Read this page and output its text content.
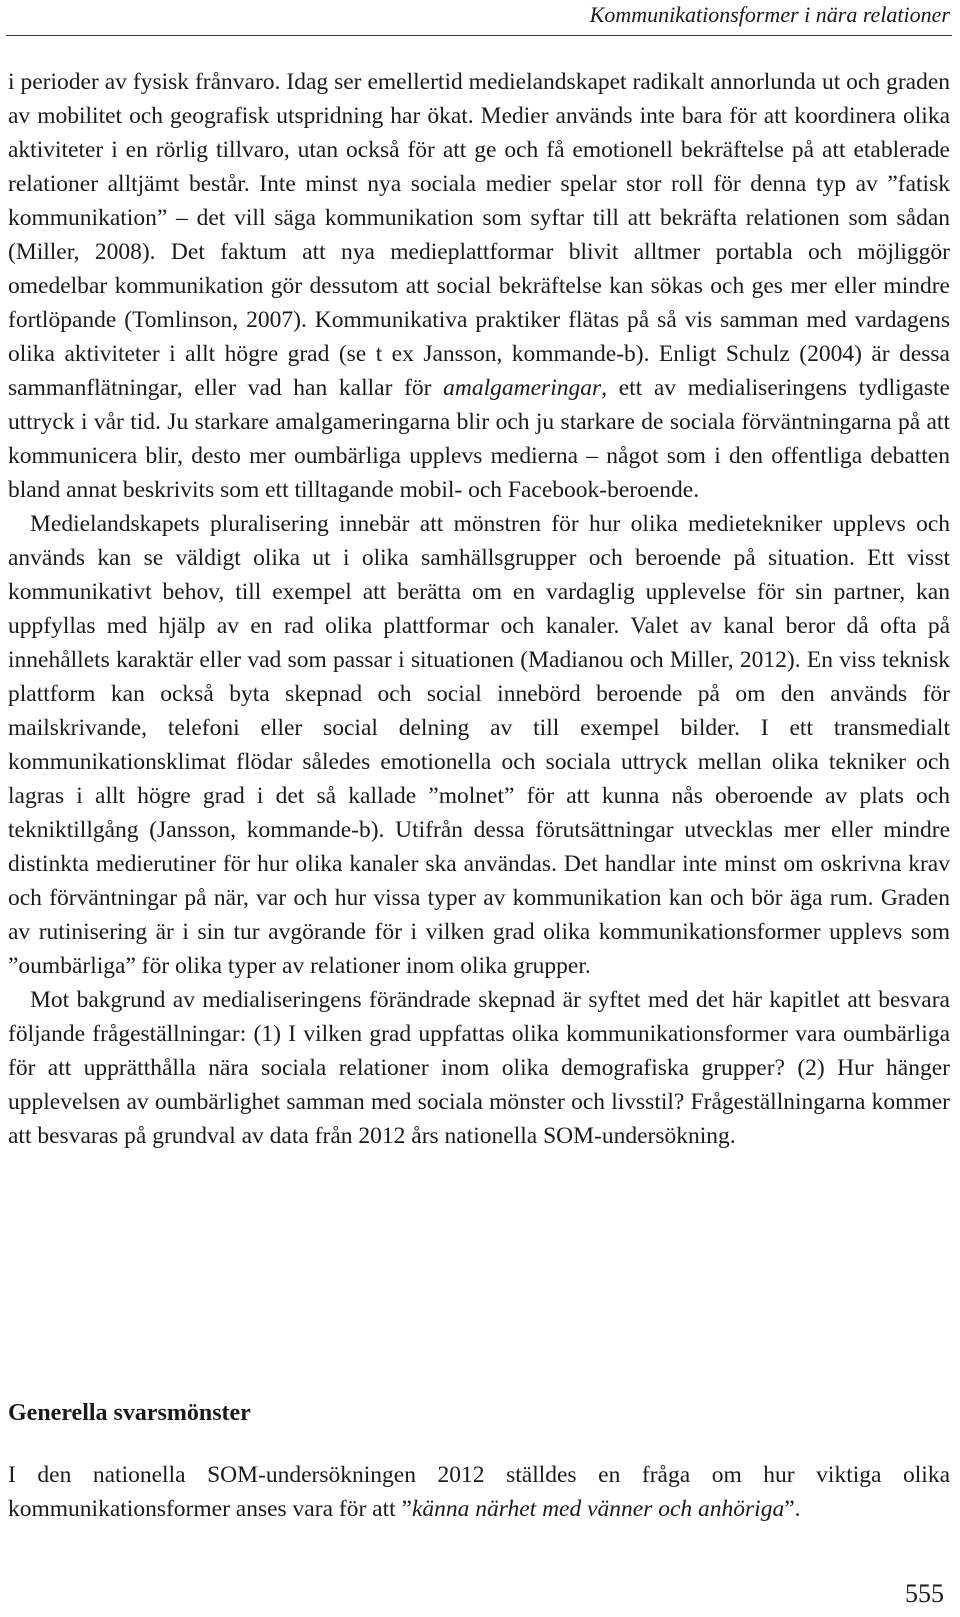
Kommunikationsformer i nära relationer

i perioder av fysisk frånvaro. Idag ser emellertid medielandskapet radikalt annorlunda ut och graden av mobilitet och geografisk utspridning har ökat. Medier används inte bara för att koordinera olika aktiviteter i en rörlig tillvaro, utan också för att ge och få emotionell bekräftelse på att etablerade relationer alltjämt består. Inte minst nya sociala medier spelar stor roll för denna typ av ”fatisk kommunikation” – det vill säga kommunikation som syftar till att bekräfta relationen som sådan (Miller, 2008). Det faktum att nya medieplattformar blivit alltmer portabla och möjliggör omedelbar kommunikation gör dessutom att social bekräftelse kan sökas och ges mer eller mindre fortlöpande (Tomlinson, 2007). Kommunikativa praktiker flätas på så vis samman med vardagens olika aktiviteter i allt högre grad (se t ex Jansson, kommande-b). Enligt Schulz (2004) är dessa sammanflätningar, eller vad han kallar för amalgameringar, ett av medialiseringens tydligaste uttryck i vår tid. Ju starkare amalgameringarna blir och ju starkare de sociala förväntningarna på att kommunicera blir, desto mer oumbärliga upplevs medierna – något som i den offentliga debatten bland annat beskrivits som ett tilltagande mobil- och Facebook-beroende.

Medielandskapets pluralisering innebär att mönstren för hur olika medietekniker upplevs och används kan se väldigt olika ut i olika samhällsgrupper och beroende på situation. Ett visst kommunikativt behov, till exempel att berätta om en vardaglig upplevelse för sin partner, kan uppfyllas med hjälp av en rad olika plattformar och kanaler. Valet av kanal beror då ofta på innehållets karaktär eller vad som passar i situationen (Madianou och Miller, 2012). En viss teknisk plattform kan också byta skepnad och social innebörd beroende på om den används för mailskrivande, telefoni eller social delning av till exempel bilder. I ett transmedialt kommunikationsklimat flödar således emotionella och sociala uttryck mellan olika tekniker och lagras i allt högre grad i det så kallade ”molnet” för att kunna nås oberoende av plats och tekniktillgång (Jansson, kommande-b). Utifrån dessa förutsättningar utvecklas mer eller mindre distinkta medierutiner för hur olika kanaler ska användas. Det handlar inte minst om oskrivna krav och förväntningar på när, var och hur vissa typer av kommunikation kan och bör äga rum. Graden av rutinisering är i sin tur avgörande för i vilken grad olika kommunikationsformer upplevs som ”oumbärliga” för olika typer av relationer inom olika grupper.

Mot bakgrund av medialiseringens förändrade skepnad är syftet med det här kapitlet att besvara följande frågeställningar: (1) I vilken grad uppfattas olika kommunikationsformer vara oumbärliga för att upprätthålla nära sociala relationer inom olika demografiska grupper? (2) Hur hänger upplevelsen av oumbärlighet samman med sociala mönster och livsstil? Frågeställningarna kommer att besvaras på grundval av data från 2012 års nationella SOM-undersökning.

Generella svarsmönster

I den nationella SOM-undersökningen 2012 ställdes en fråga om hur viktiga olika kommunikationsformer anses vara för att ”känna närhet med vänner och anhöriga”.

555
